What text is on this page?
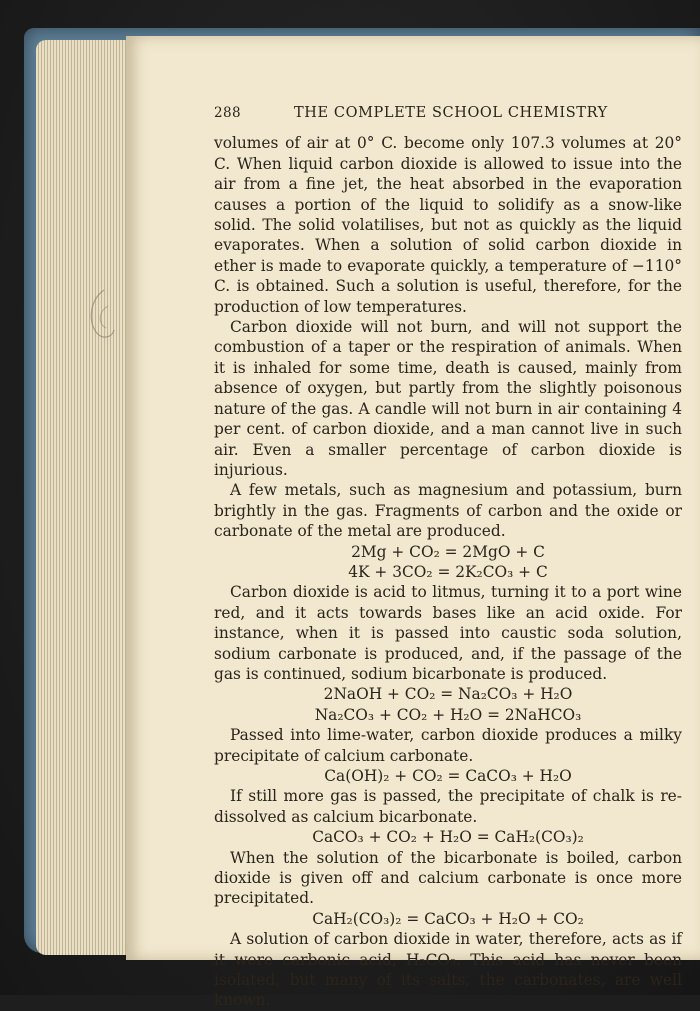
288	THE COMPLETE SCHOOL CHEMISTRY

volumes of air at 0° C. become only 107.3 volumes at 20° C. When liquid carbon dioxide is allowed to issue into the air from a fine jet, the heat absorbed in the evaporation causes a portion of the liquid to solidify as a snow-like solid. The solid volatilises, but not as quickly as the liquid evaporates. When a solution of solid carbon dioxide in ether is made to evaporate quickly, a temperature of −110° C. is obtained. Such a solution is useful, therefore, for the production of low temperatures.

Carbon dioxide will not burn, and will not support the combustion of a taper or the respiration of animals. When it is inhaled for some time, death is caused, mainly from absence of oxygen, but partly from the slightly poisonous nature of the gas. A candle will not burn in air containing 4 per cent. of carbon dioxide, and a man cannot live in such air. Even a smaller percentage of carbon dioxide is injurious.

A few metals, such as magnesium and potassium, burn brightly in the gas. Fragments of carbon and the oxide or carbonate of the metal are produced.

2Mg + CO₂ = 2MgO + C
4K + 3CO₂ = 2K₂CO₃ + C

Carbon dioxide is acid to litmus, turning it to a port wine red, and it acts towards bases like an acid oxide. For instance, when it is passed into caustic soda solution, sodium carbonate is produced, and, if the passage of the gas is continued, sodium bicarbonate is produced.

2NaOH + CO₂ = Na₂CO₃ + H₂O
Na₂CO₃ + CO₂ + H₂O = 2NaHCO₃

Passed into lime-water, carbon dioxide produces a milky precipitate of calcium carbonate.

Ca(OH)₂ + CO₂ = CaCO₃ + H₂O

If still more gas is passed, the precipitate of chalk is re-dissolved as calcium bicarbonate.

CaCO₃ + CO₂ + H₂O = CaH₂(CO₃)₂

When the solution of the bicarbonate is boiled, carbon dioxide is given off and calcium carbonate is once more precipitated.

CaH₂(CO₃)₂ = CaCO₃ + H₂O + CO₂

A solution of carbon dioxide in water, therefore, acts as if it were carbonic acid, H₂CO₃. This acid has never been isolated, but many of its salts, the carbonates, are well known.
